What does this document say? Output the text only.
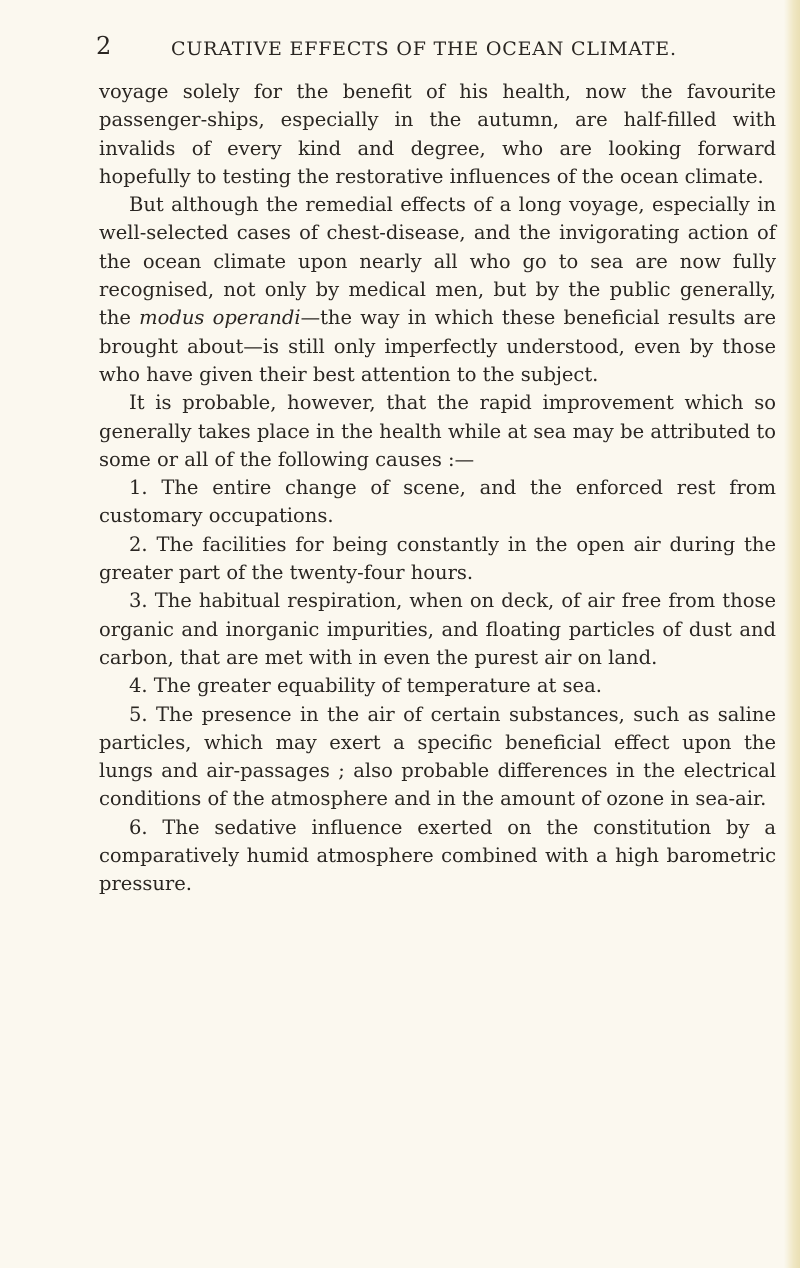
2	CURATIVE EFFECTS OF THE OCEAN CLIMATE.

voyage solely for the benefit of his health, now the favourite passenger-ships, especially in the autumn, are half-filled with invalids of every kind and degree, who are looking forward hopefully to testing the restorative influences of the ocean climate.

But although the remedial effects of a long voyage, especially in well-selected cases of chest-disease, and the invigorating action of the ocean climate upon nearly all who go to sea are now fully recognised, not only by medical men, but by the public generally, the modus operandi—the way in which these beneficial results are brought about—is still only imperfectly understood, even by those who have given their best attention to the subject.

It is probable, however, that the rapid improvement which so generally takes place in the health while at sea may be attributed to some or all of the following causes :—

1. The entire change of scene, and the enforced rest from customary occupations.

2. The facilities for being constantly in the open air during the greater part of the twenty-four hours.

3. The habitual respiration, when on deck, of air free from those organic and inorganic impurities, and floating particles of dust and carbon, that are met with in even the purest air on land.

4. The greater equability of temperature at sea.

5. The presence in the air of certain substances, such as saline particles, which may exert a specific beneficial effect upon the lungs and air-passages ; also probable differences in the electrical conditions of the atmosphere and in the amount of ozone in sea-air.

6. The sedative influence exerted on the constitution by a comparatively humid atmosphere combined with a high barometric pressure.
